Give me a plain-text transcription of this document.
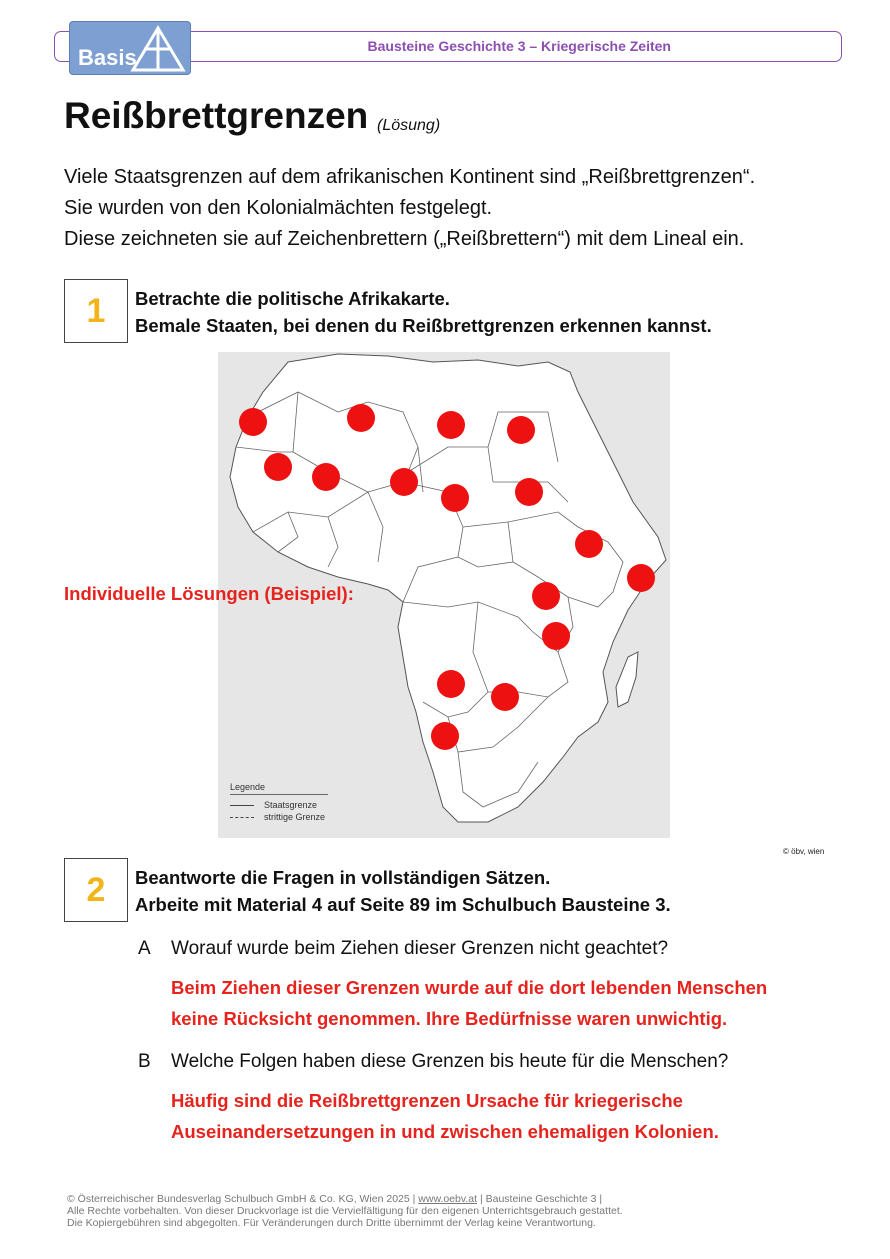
Bausteine Geschichte 3 – Kriegerische Zeiten
Basis
Reißbrettgrenzen (Lösung)
Viele Staatsgrenzen auf dem afrikanischen Kontinent sind „Reißbrettgrenzen“.
Sie wurden von den Kolonialmächten festgelegt.
Diese zeichneten sie auf Zeichenbrettern („Reißbrettern“) mit dem Lineal ein.
1	Betrachte die politische Afrikakarte.
Bemale Staaten, bei denen du Reißbrettgrenzen erkennen kannst.
Legende
Staatsgrenze
strittige Grenze
Individuelle Lösungen (Beispiel):
© öbv, wien
2	Beantworte die Fragen in vollständigen Sätzen.
Arbeite mit Material 4 auf Seite 89 im Schulbuch Bausteine 3.
A Worauf wurde beim Ziehen dieser Grenzen nicht geachtet?
Beim Ziehen dieser Grenzen wurde auf die dort lebenden Menschen
keine Rücksicht genommen. Ihre Bedürfnisse waren unwichtig.
B Welche Folgen haben diese Grenzen bis heute für die Menschen?
Häufig sind die Reißbrettgrenzen Ursache für kriegerische
Auseinandersetzungen in und zwischen ehemaligen Kolonien.
© Österreichischer Bundesverlag Schulbuch GmbH & Co. KG, Wien 2025 | www.oebv.at | Bausteine Geschichte 3 |
Alle Rechte vorbehalten. Von dieser Druckvorlage ist die Vervielfältigung für den eigenen Unterrichtsgebrauch gestattet.
Die Kopiergebühren sind abgegolten. Für Veränderungen durch Dritte übernimmt der Verlag keine Verantwortung.
